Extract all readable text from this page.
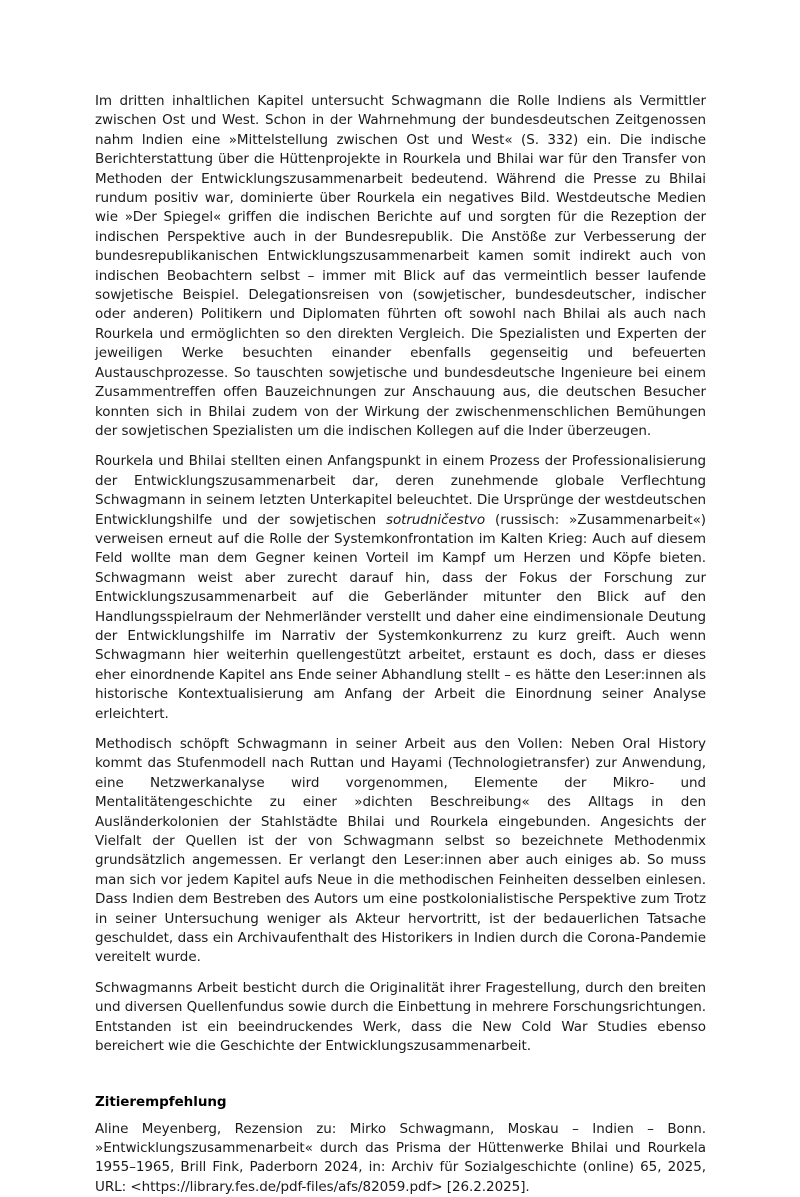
Im dritten inhaltlichen Kapitel untersucht Schwagmann die Rolle Indiens als Vermittler zwischen Ost und West. Schon in der Wahrnehmung der bundesdeutschen Zeitgenossen nahm Indien eine »Mittelstellung zwischen Ost und West« (S. 332) ein. Die indische Berichterstattung über die Hüttenprojekte in Rourkela und Bhilai war für den Transfer von Methoden der Entwicklungszusammenarbeit bedeutend. Während die Presse zu Bhilai rundum positiv war, dominierte über Rourkela ein negatives Bild. Westdeutsche Medien wie »Der Spiegel« griffen die indischen Berichte auf und sorgten für die Rezeption der indischen Perspektive auch in der Bundesrepublik. Die Anstöße zur Verbesserung der bundesrepublikanischen Entwicklungszusammenarbeit kamen somit indirekt auch von indischen Beobachtern selbst – immer mit Blick auf das vermeintlich besser laufende sowjetische Beispiel. Delegationsreisen von (sowjetischer, bundesdeutscher, indischer oder anderen) Politikern und Diplomaten führten oft sowohl nach Bhilai als auch nach Rourkela und ermöglichten so den direkten Vergleich. Die Spezialisten und Experten der jeweiligen Werke besuchten einander ebenfalls gegenseitig und befeuerten Austauschprozesse. So tauschten sowjetische und bundesdeutsche Ingenieure bei einem Zusammentreffen offen Bauzeichnungen zur Anschauung aus, die deutschen Besucher konnten sich in Bhilai zudem von der Wirkung der zwischenmenschlichen Bemühungen der sowjetischen Spezialisten um die indischen Kollegen auf die Inder überzeugen.

Rourkela und Bhilai stellten einen Anfangspunkt in einem Prozess der Professionalisierung der Entwicklungszusammenarbeit dar, deren zunehmende globale Verflechtung Schwagmann in seinem letzten Unterkapitel beleuchtet. Die Ursprünge der westdeutschen Entwicklungshilfe und der sowjetischen sotrudničestvo (russisch: »Zusammenarbeit«) verweisen erneut auf die Rolle der Systemkonfrontation im Kalten Krieg: Auch auf diesem Feld wollte man dem Gegner keinen Vorteil im Kampf um Herzen und Köpfe bieten. Schwagmann weist aber zurecht darauf hin, dass der Fokus der Forschung zur Entwicklungszusammenarbeit auf die Geberländer mitunter den Blick auf den Handlungsspielraum der Nehmerländer verstellt und daher eine eindimensionale Deutung der Entwicklungshilfe im Narrativ der Systemkonkurrenz zu kurz greift. Auch wenn Schwagmann hier weiterhin quellengestützt arbeitet, erstaunt es doch, dass er dieses eher einordnende Kapitel ans Ende seiner Abhandlung stellt – es hätte den Leser:innen als historische Kontextualisierung am Anfang der Arbeit die Einordnung seiner Analyse erleichtert.

Methodisch schöpft Schwagmann in seiner Arbeit aus den Vollen: Neben Oral History kommt das Stufenmodell nach Ruttan und Hayami (Technologietransfer) zur Anwendung, eine Netzwerkanalyse wird vorgenommen, Elemente der Mikro- und Mentalitätengeschichte zu einer »dichten Beschreibung« des Alltags in den Ausländerkolonien der Stahlstädte Bhilai und Rourkela eingebunden. Angesichts der Vielfalt der Quellen ist der von Schwagmann selbst so bezeichnete Methodenmix grundsätzlich angemessen. Er verlangt den Leser:innen aber auch einiges ab. So muss man sich vor jedem Kapitel aufs Neue in die methodischen Feinheiten desselben einlesen. Dass Indien dem Bestreben des Autors um eine postkolonialistische Perspektive zum Trotz in seiner Untersuchung weniger als Akteur hervortritt, ist der bedauerlichen Tatsache geschuldet, dass ein Archivaufenthalt des Historikers in Indien durch die Corona-Pandemie vereitelt wurde.

Schwagmanns Arbeit besticht durch die Originalität ihrer Fragestellung, durch den breiten und diversen Quellenfundus sowie durch die Einbettung in mehrere Forschungsrichtungen. Entstanden ist ein beeindruckendes Werk, dass die New Cold War Studies ebenso bereichert wie die Geschichte der Entwicklungszusammenarbeit.

Zitierempfehlung

Aline Meyenberg, Rezension zu: Mirko Schwagmann, Moskau – Indien – Bonn. »Entwicklungszusammenarbeit« durch das Prisma der Hüttenwerke Bhilai und Rourkela 1955–1965, Brill Fink, Paderborn 2024, in: Archiv für Sozialgeschichte (online) 65, 2025, URL: <https://library.fes.de/pdf-files/afs/82059.pdf> [26.2.2025].
